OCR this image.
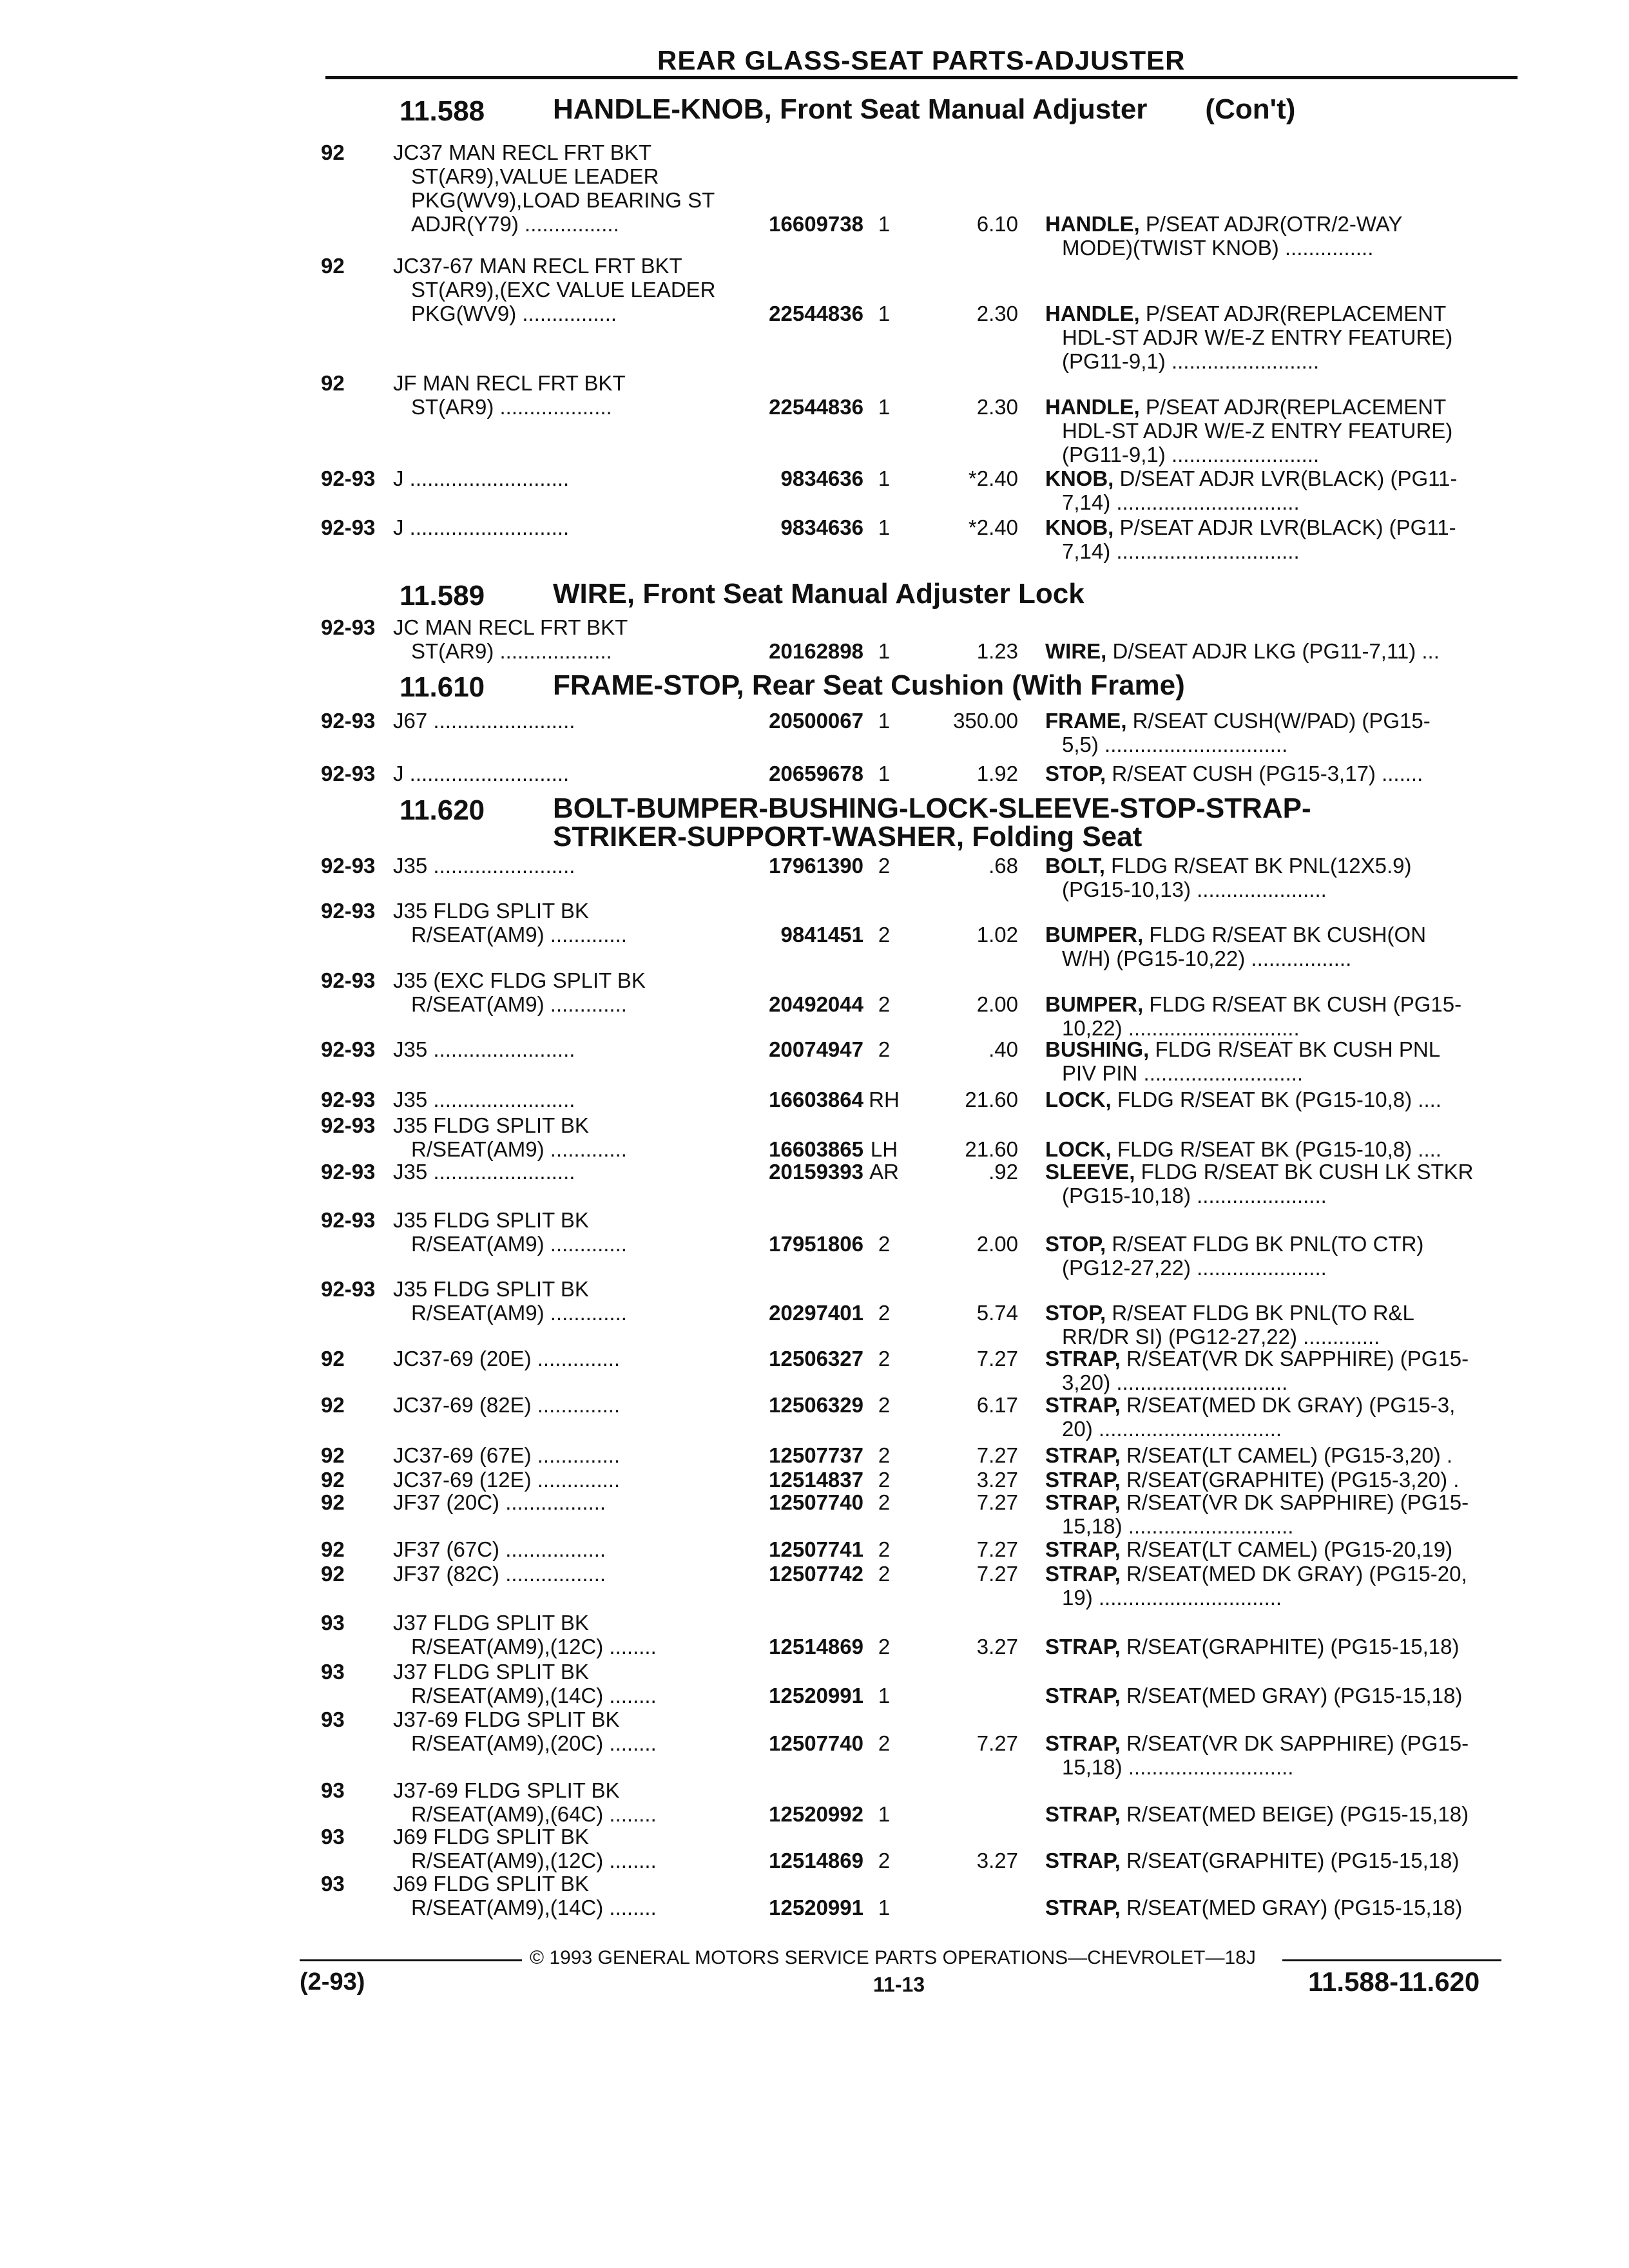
REAR GLASS-SEAT PARTS-ADJUSTER
11.588 HANDLE-KNOB, Front Seat Manual Adjuster (Con't)
92	JC37 MAN RECL FRT BKT
ST(AR9),VALUE LEADER
PKG(WV9),LOAD BEARING ST
ADJR(Y79) ................	16609738 1	6.10 HANDLE, P/SEAT ADJR(OTR/2-WAY
MODE)(TWIST KNOB) ...............
92	JC37-67 MAN RECL FRT BKT
ST(AR9),(EXC VALUE LEADER
PKG(WV9) ................	22544836 1	2.30 HANDLE, P/SEAT ADJR(REPLACEMENT
HDL-ST ADJR W/E-Z ENTRY FEATURE)
(PG11-9,1) .........................
92	JF MAN RECL FRT BKT
ST(AR9) ...................	22544836 1	2.30 HANDLE, P/SEAT ADJR(REPLACEMENT
HDL-ST ADJR W/E-Z ENTRY FEATURE)
(PG11-9,1) .........................
92-93 J ...........................	9834636 1	*2.40 KNOB, D/SEAT ADJR LVR(BLACK) (PG11-
7,14) ...............................
92-93 J ...........................	9834636 1	*2.40 KNOB, P/SEAT ADJR LVR(BLACK) (PG11-
7,14) ...............................
11.589 WIRE, Front Seat Manual Adjuster Lock
92-93 JC MAN RECL FRT BKT
ST(AR9) ...................	20162898 1	1.23 WIRE, D/SEAT ADJR LKG (PG11-7,11) ...
11.610 FRAME-STOP, Rear Seat Cushion (With Frame)
92-93 J67 ........................	20500067 1	350.00 FRAME, R/SEAT CUSH(W/PAD) (PG15-
5,5) ...............................
92-93 J ...........................	20659678 1	1.92 STOP, R/SEAT CUSH (PG15-3,17) .......
11.620 BOLT-BUMPER-BUSHING-LOCK-SLEEVE-STOP-STRAP-
STRIKER-SUPPORT-WASHER, Folding Seat
92-93 J35 ........................	17961390 2	.68 BOLT, FLDG R/SEAT BK PNL(12X5.9)
(PG15-10,13) ......................
92-93 J35 FLDG SPLIT BK
R/SEAT(AM9) .............	9841451 2	1.02 BUMPER, FLDG R/SEAT BK CUSH(ON
W/H) (PG15-10,22) .................
92-93 J35 (EXC FLDG SPLIT BK
R/SEAT(AM9) .............	20492044 2	2.00 BUMPER, FLDG R/SEAT BK CUSH (PG15-
10,22) .............................
92-93 J35 ........................	20074947 2	.40 BUSHING, FLDG R/SEAT BK CUSH PNL
PIV PIN ...........................
92-93 J35 ........................	16603864 RH	21.60 LOCK, FLDG R/SEAT BK (PG15-10,8) ....
92-93 J35 FLDG SPLIT BK
R/SEAT(AM9) .............	16603865 LH	21.60 LOCK, FLDG R/SEAT BK (PG15-10,8) ....
92-93 J35 ........................	20159393 AR	.92 SLEEVE, FLDG R/SEAT BK CUSH LK STKR
(PG15-10,18) ......................
92-93 J35 FLDG SPLIT BK
R/SEAT(AM9) .............	17951806 2	2.00 STOP, R/SEAT FLDG BK PNL(TO CTR)
(PG12-27,22) ......................
92-93 J35 FLDG SPLIT BK
R/SEAT(AM9) .............	20297401 2	5.74 STOP, R/SEAT FLDG BK PNL(TO R&L
RR/DR SI) (PG12-27,22) .............
92	JC37-69 (20E) ..............	12506327 2	7.27 STRAP, R/SEAT(VR DK SAPPHIRE) (PG15-
3,20) .............................
92	JC37-69 (82E) ..............	12506329 2	6.17 STRAP, R/SEAT(MED DK GRAY) (PG15-3,
20) ...............................
92	JC37-69 (67E) ..............	12507737 2	7.27 STRAP, R/SEAT(LT CAMEL) (PG15-3,20) .
92	JC37-69 (12E) ..............	12514837 2	3.27 STRAP, R/SEAT(GRAPHITE) (PG15-3,20) .
92	JF37 (20C) .................	12507740 2	7.27 STRAP, R/SEAT(VR DK SAPPHIRE) (PG15-
15,18) ............................
92	JF37 (67C) .................	12507741 2	7.27 STRAP, R/SEAT(LT CAMEL) (PG15-20,19)
92	JF37 (82C) .................	12507742 2	7.27 STRAP, R/SEAT(MED DK GRAY) (PG15-20,
19) ...............................
93	J37 FLDG SPLIT BK
R/SEAT(AM9),(12C) ........	12514869 2	3.27 STRAP, R/SEAT(GRAPHITE) (PG15-15,18)
93	J37 FLDG SPLIT BK
R/SEAT(AM9),(14C) ........	12520991 1	STRAP, R/SEAT(MED GRAY) (PG15-15,18)
93	J37-69 FLDG SPLIT BK
R/SEAT(AM9),(20C) ........	12507740 2	7.27 STRAP, R/SEAT(VR DK SAPPHIRE) (PG15-
15,18) ............................
93	J37-69 FLDG SPLIT BK
R/SEAT(AM9),(64C) ........	12520992 1	STRAP, R/SEAT(MED BEIGE) (PG15-15,18)
93	J69 FLDG SPLIT BK
R/SEAT(AM9),(12C) ........	12514869 2	3.27 STRAP, R/SEAT(GRAPHITE) (PG15-15,18)
93	J69 FLDG SPLIT BK
R/SEAT(AM9),(14C) ........	12520991 1	STRAP, R/SEAT(MED GRAY) (PG15-15,18)
© 1993 GENERAL MOTORS SERVICE PARTS OPERATIONS—CHEVROLET—18J
(2-93)	11-13	11.588-11.620
